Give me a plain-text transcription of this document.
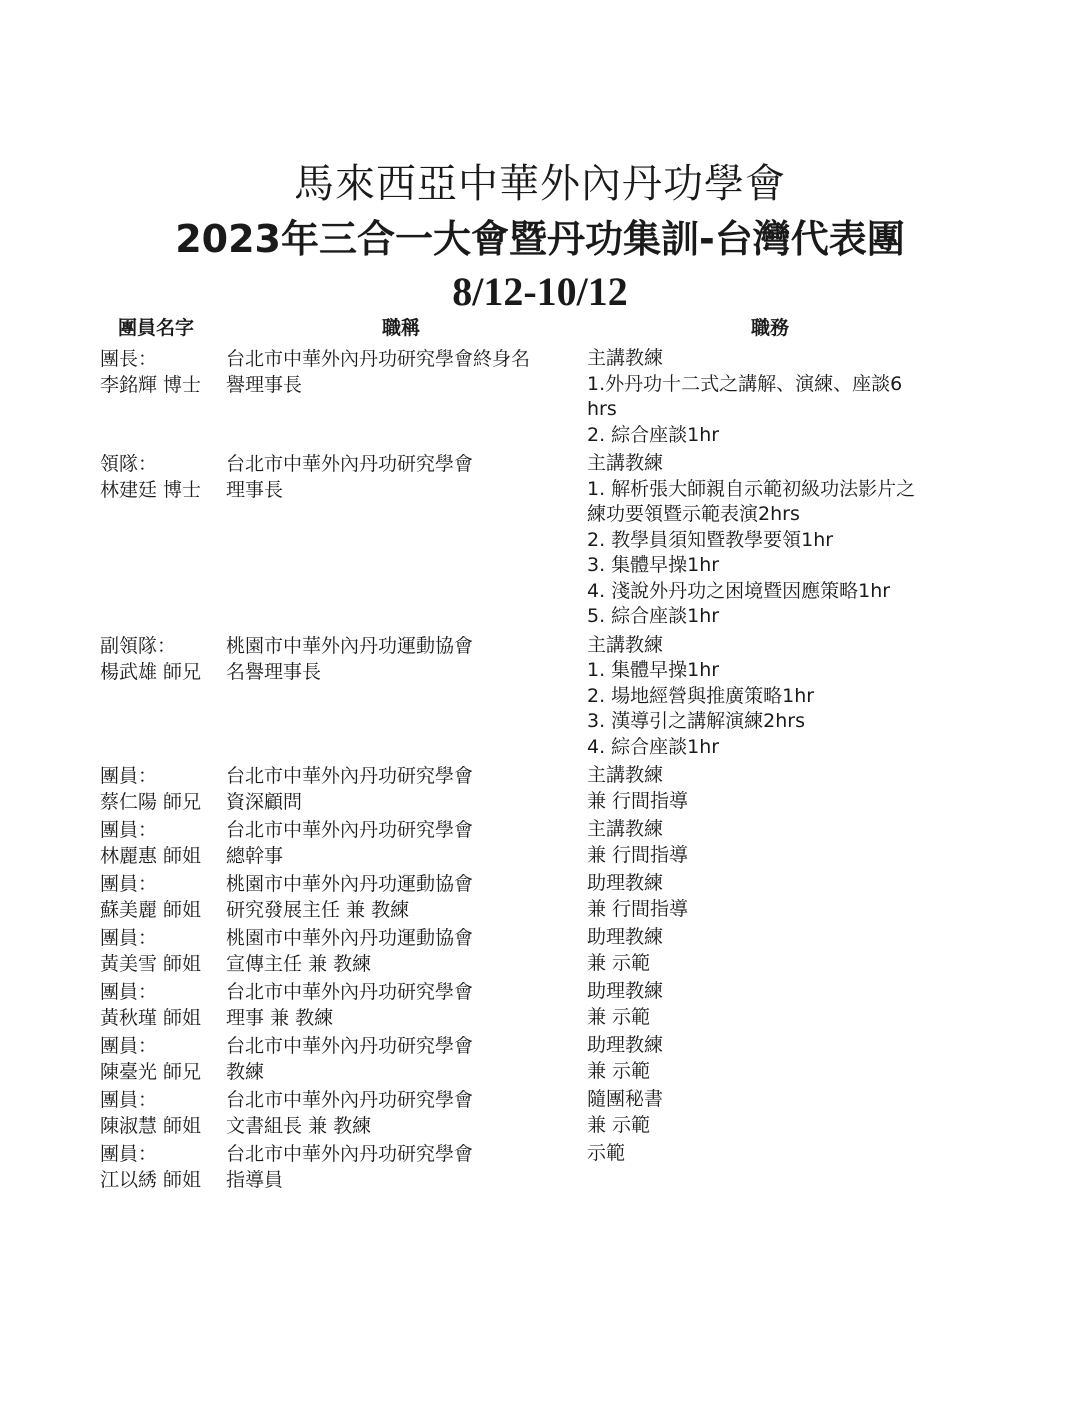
馬來西亞中華外內丹功學會
2023年三合一大會暨丹功集訓-台灣代表團
8/12-10/12
團員名字	職稱	職務
團長：
李銘輝 博士
台北市中華外內丹功研究學會終身名
譽理事長
主講教練
1.外丹功十二式之講解、演練、座談6
hrs
2. 綜合座談1hr
領隊：
林建廷 博士
台北市中華外內丹功研究學會
理事長
主講教練
1. 解析張大師親自示範初級功法影片之
練功要領暨示範表演2hrs
2. 教學員須知暨教學要領1hr
3. 集體早操1hr
4. 淺說外丹功之困境暨因應策略1hr
5. 綜合座談1hr
副領隊：
楊武雄 師兄
桃園市中華外內丹功運動協會
名譽理事長
主講教練
1. 集體早操1hr
2. 場地經營與推廣策略1hr
3. 漢導引之講解演練2hrs
4. 綜合座談1hr
團員：
蔡仁陽 師兄
台北市中華外內丹功研究學會
資深顧問
主講教練
兼 行間指導
團員：
林麗惠 師姐
台北市中華外內丹功研究學會
總幹事
主講教練
兼 行間指導
團員：
蘇美麗 師姐
桃園市中華外內丹功運動協會
研究發展主任 兼 教練
助理教練
兼 行間指導
團員：
黃美雪 師姐
桃園市中華外內丹功運動協會
宣傳主任 兼 教練
助理教練
兼 示範
團員：
黃秋瑾 師姐
台北市中華外內丹功研究學會
理事 兼 教練
助理教練
兼 示範
團員：
陳臺光 師兄
台北市中華外內丹功研究學會
教練
助理教練
兼 示範
團員：
陳淑慧 師姐
台北市中華外內丹功研究學會
文書組長 兼 教練
隨團秘書
兼 示範
團員：
江以綉 師姐
台北市中華外內丹功研究學會
指導員
示範
